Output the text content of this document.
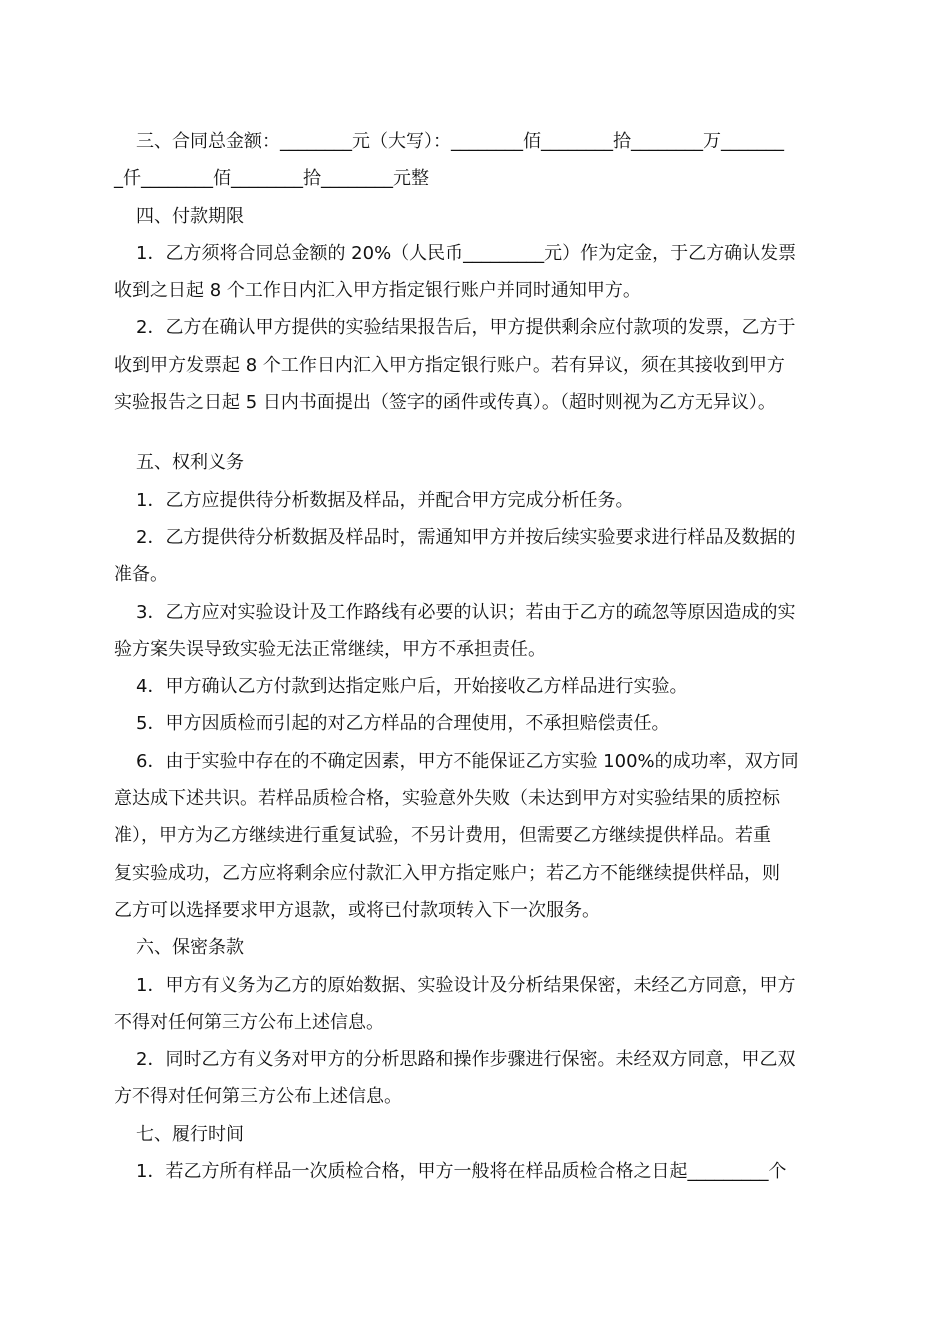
三、合同总金额：________元（大写）：________佰________拾________万_______
_仟________佰________拾________元整
四、付款期限
1．乙方须将合同总金额的 20%（人民币_________元）作为定金，于乙方确认发票
收到之日起 8 个工作日内汇入甲方指定银行账户并同时通知甲方。
2．乙方在确认甲方提供的实验结果报告后，甲方提供剩余应付款项的发票，乙方于
收到甲方发票起 8 个工作日内汇入甲方指定银行账户。若有异议，须在其接收到甲方
实验报告之日起 5 日内书面提出（签字的函件或传真）。（超时则视为乙方无异议）。
五、权利义务
1．乙方应提供待分析数据及样品，并配合甲方完成分析任务。
2．乙方提供待分析数据及样品时，需通知甲方并按后续实验要求进行样品及数据的
准备。
3．乙方应对实验设计及工作路线有必要的认识；若由于乙方的疏忽等原因造成的实
验方案失误导致实验无法正常继续，甲方不承担责任。
4．甲方确认乙方付款到达指定账户后，开始接收乙方样品进行实验。
5．甲方因质检而引起的对乙方样品的合理使用，不承担赔偿责任。
6．由于实验中存在的不确定因素，甲方不能保证乙方实验 100%的成功率，双方同
意达成下述共识。若样品质检合格，实验意外失败（未达到甲方对实验结果的质控标
准），甲方为乙方继续进行重复试验，不另计费用，但需要乙方继续提供样品。若重
复实验成功，乙方应将剩余应付款汇入甲方指定账户；若乙方不能继续提供样品，则
乙方可以选择要求甲方退款，或将已付款项转入下一次服务。
六、保密条款
1．甲方有义务为乙方的原始数据、实验设计及分析结果保密，未经乙方同意，甲方
不得对任何第三方公布上述信息。
2．同时乙方有义务对甲方的分析思路和操作步骤进行保密。未经双方同意，甲乙双
方不得对任何第三方公布上述信息。
七、履行时间
1．若乙方所有样品一次质检合格，甲方一般将在样品质检合格之日起_________个
